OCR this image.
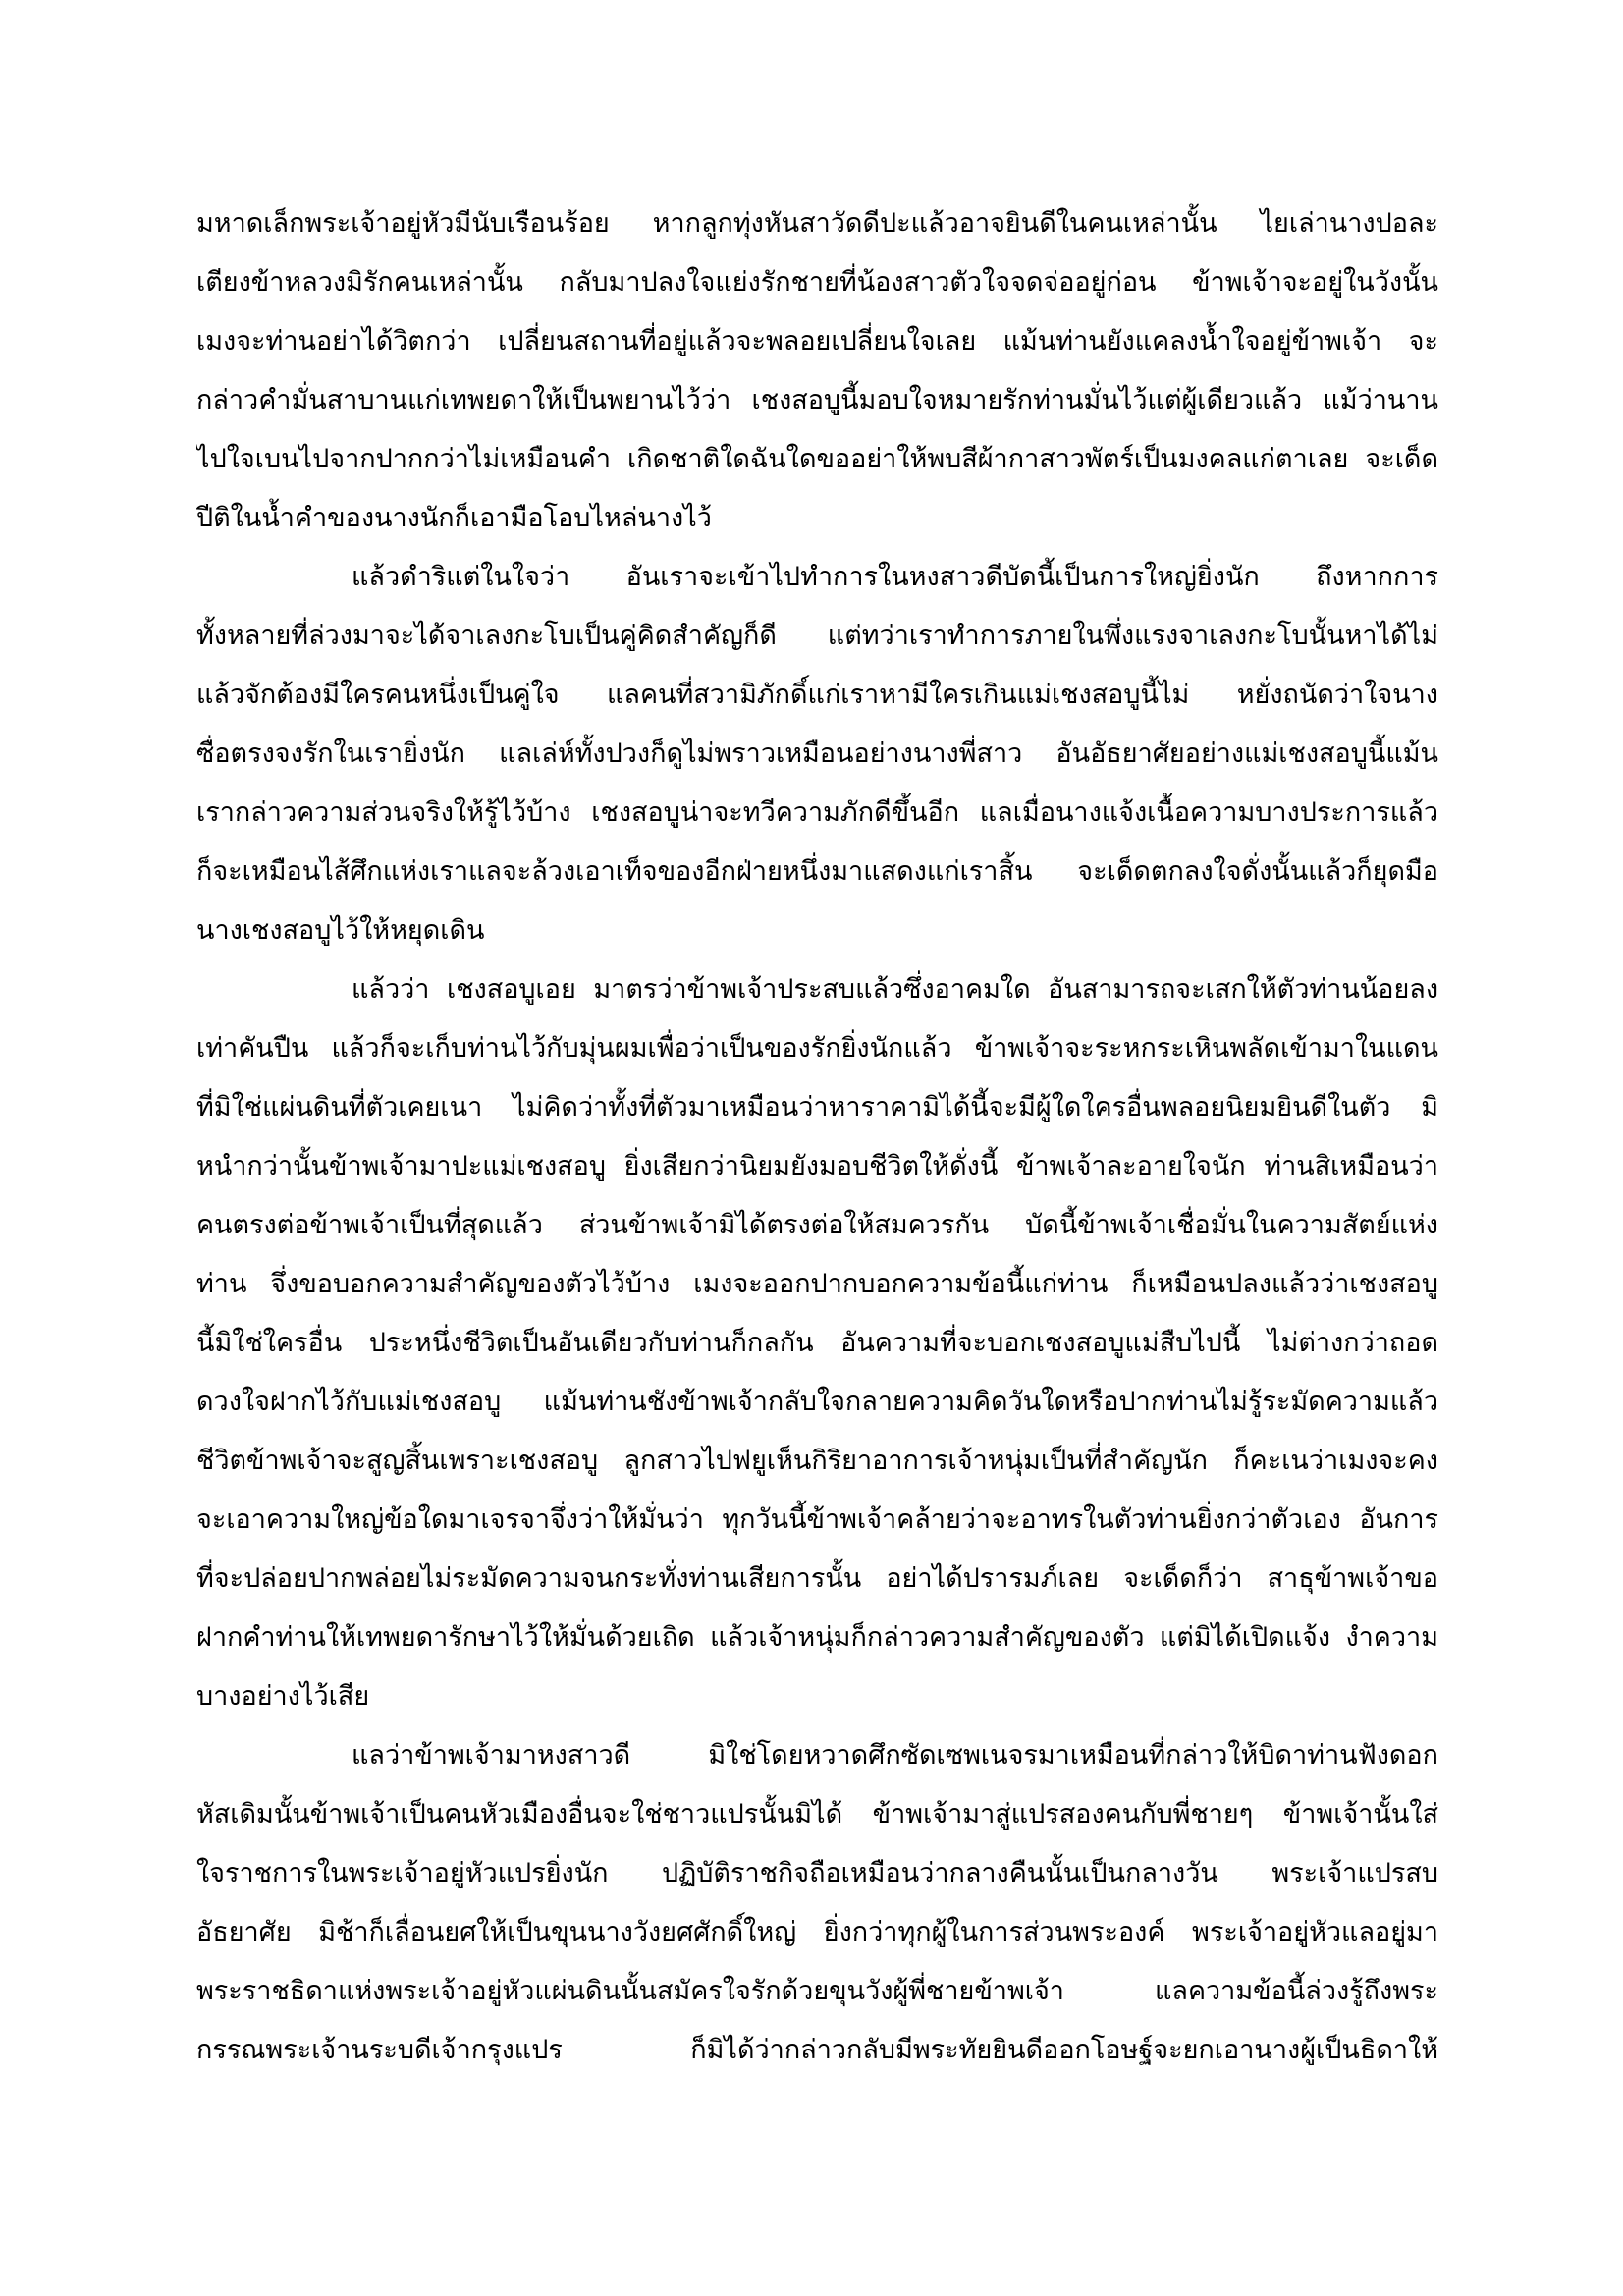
มหาดเล็กพระเจ้าอยู่หัวมีนับเรือนร้อย หากลูกทุ่งหันสาวัดดีปะแล้วอาจยินดีในคนเหล่านั้น ไยเล่านางปอละ
เตียงข้าหลวงมิรักคนเหล่านั้น กลับมาปลงใจแย่งรักชายที่น้องสาวตัวใจจดจ่ออยู่ก่อน ข้าพเจ้าจะอยู่ในวังนั้น
เมงจะท่านอย่าได้วิตกว่า เปลี่ยนสถานที่อยู่แล้วจะพลอยเปลี่ยนใจเลย แม้นท่านยังแคลงน้ำใจอยู่ข้าพเจ้า จะ
กล่าวคำมั่นสาบานแก่เทพยดาให้เป็นพยานไว้ว่า เชงสอบูนี้มอบใจหมายรักท่านมั่นไว้แต่ผู้เดียวแล้ว แม้ว่านาน
ไปใจเบนไปจากปากกว่าไม่เหมือนคำ เกิดชาติใดฉันใดขออย่าให้พบสีผ้ากาสาวพัตร์เป็นมงคลแก่ตาเลย จะเด็ด
ปีติในน้ำคำของนางนักก็เอามือโอบไหล่นางไว้
แล้วดำริแต่ในใจว่า อันเราจะเข้าไปทำการในหงสาวดีบัดนี้เป็นการใหญ่ยิ่งนัก ถึงหากการ
ทั้งหลายที่ล่วงมาจะได้จาเลงกะโบเป็นคู่คิดสำคัญก็ดี แต่ทว่าเราทำการภายในพึ่งแรงจาเลงกะโบนั้นหาได้ไม่
แล้วจักต้องมีใครคนหนึ่งเป็นคู่ใจ แลคนที่สวามิภักดิ์แก่เราหามีใครเกินแม่เชงสอบูนี้ไม่ หยั่งถนัดว่าใจนาง
ซื่อตรงจงรักในเรายิ่งนัก แลเล่ห์ทั้งปวงก็ดูไม่พราวเหมือนอย่างนางพี่สาว อันอัธยาศัยอย่างแม่เชงสอบูนี้แม้น
เรากล่าวความส่วนจริงให้รู้ไว้บ้าง เชงสอบูน่าจะทวีความภักดีขึ้นอีก แลเมื่อนางแจ้งเนื้อความบางประการแล้ว
ก็จะเหมือนไส้ศึกแห่งเราแลจะล้วงเอาเท็จของอีกฝ่ายหนึ่งมาแสดงแก่เราสิ้น จะเด็ดตกลงใจดั่งนั้นแล้วก็ยุดมือ
นางเชงสอบูไว้ให้หยุดเดิน
แล้วว่า เชงสอบูเอย มาตรว่าข้าพเจ้าประสบแล้วซึ่งอาคมใด อันสามารถจะเสกให้ตัวท่านน้อยลง
เท่าคันปืน แล้วก็จะเก็บท่านไว้กับมุ่นผมเพื่อว่าเป็นของรักยิ่งนักแล้ว ข้าพเจ้าจะระหกระเหินพลัดเข้ามาในแดน
ที่มิใช่แผ่นดินที่ตัวเคยเนา ไม่คิดว่าทั้งที่ตัวมาเหมือนว่าหาราคามิได้นี้จะมีผู้ใดใครอื่นพลอยนิยมยินดีในตัว มิ
หนำกว่านั้นข้าพเจ้ามาปะแม่เชงสอบู ยิ่งเสียกว่านิยมยังมอบชีวิตให้ดั่งนี้ ข้าพเจ้าละอายใจนัก ท่านสิเหมือนว่า
คนตรงต่อข้าพเจ้าเป็นที่สุดแล้ว ส่วนข้าพเจ้ามิได้ตรงต่อให้สมควรกัน บัดนี้ข้าพเจ้าเชื่อมั่นในความสัตย์แห่ง
ท่าน จึ่งขอบอกความสำคัญของตัวไว้บ้าง เมงจะออกปากบอกความข้อนี้แก่ท่าน ก็เหมือนปลงแล้วว่าเชงสอบู
นี้มิใช่ใครอื่น ประหนึ่งชีวิตเป็นอันเดียวกับท่านก็กลกัน อันความที่จะบอกเชงสอบูแม่สืบไปนี้ ไม่ต่างกว่าถอด
ดวงใจฝากไว้กับแม่เชงสอบู แม้นท่านชังข้าพเจ้ากลับใจกลายความคิดวันใดหรือปากท่านไม่รู้ระมัดความแล้ว
ชีวิตข้าพเจ้าจะสูญสิ้นเพราะเชงสอบู ลูกสาวไปฟยูเห็นกิริยาอาการเจ้าหนุ่มเป็นที่สำคัญนัก ก็คะเนว่าเมงจะคง
จะเอาความใหญ่ข้อใดมาเจรจาจึ่งว่าให้มั่นว่า ทุกวันนี้ข้าพเจ้าคล้ายว่าจะอาทรในตัวท่านยิ่งกว่าตัวเอง อันการ
ที่จะปล่อยปากพล่อยไม่ระมัดความจนกระทั่งท่านเสียการนั้น อย่าได้ปรารมภ์เลย จะเด็ดก็ว่า สาธุข้าพเจ้าขอ
ฝากคำท่านให้เทพยดารักษาไว้ให้มั่นด้วยเถิด แล้วเจ้าหนุ่มก็กล่าวความสำคัญของตัว แต่มิได้เปิดแจ้ง งำความ
บางอย่างไว้เสีย
แลว่าข้าพเจ้ามาหงสาวดี มิใช่โดยหวาดศึกซัดเซพเนจรมาเหมือนที่กล่าวให้บิดาท่านฟังดอก
หัสเดิมนั้นข้าพเจ้าเป็นคนหัวเมืองอื่นจะใช่ชาวแปรนั้นมิได้ ข้าพเจ้ามาสู่แปรสองคนกับพี่ชายๆ ข้าพเจ้านั้นใส่
ใจราชการในพระเจ้าอยู่หัวแปรยิ่งนัก ปฏิบัติราชกิจถือเหมือนว่ากลางคืนนั้นเป็นกลางวัน พระเจ้าแปรสบ
อัธยาศัย มิช้าก็เลื่อนยศให้เป็นขุนนางวังยศศักดิ์ใหญ่ ยิ่งกว่าทุกผู้ในการส่วนพระองค์ พระเจ้าอยู่หัวแลอยู่มา
พระราชธิดาแห่งพระเจ้าอยู่หัวแผ่นดินนั้นสมัครใจรักด้วยขุนวังผู้พี่ชายข้าพเจ้า แลความข้อนี้ล่วงรู้ถึงพระ
กรรณพระเจ้านระบดีเจ้ากรุงแปร ก็มิได้ว่ากล่าวกลับมีพระทัยยินดีออกโอษฐ์จะยกเอานางผู้เป็นธิดาให้
